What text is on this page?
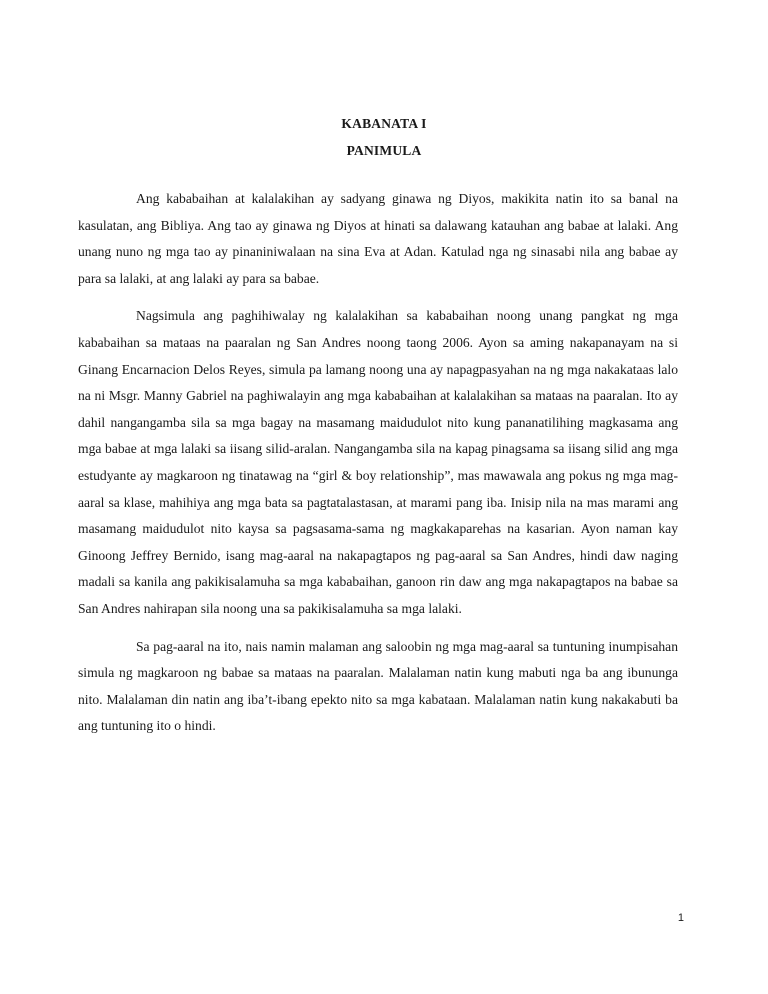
KABANATA I
PANIMULA

Ang kababaihan at kalalakihan ay sadyang ginawa ng Diyos, makikita natin ito sa banal na kasulatan, ang Bibliya. Ang tao ay ginawa ng Diyos at hinati sa dalawang katauhan ang babae at lalaki. Ang unang nuno ng mga tao ay pinaniniwalaan na sina Eva at Adan. Katulad nga ng sinasabi nila ang babae ay para sa lalaki, at ang lalaki ay para sa babae.

Nagsimula ang paghihiwalay ng kalalakihan sa kababaihan noong unang pangkat ng mga kababaihan sa mataas na paaralan ng San Andres noong taong 2006. Ayon sa aming nakapanayam na si Ginang Encarnacion Delos Reyes, simula pa lamang noong una ay napagpasyahan na ng mga nakakataas lalo na ni Msgr. Manny Gabriel na paghiwalayin ang mga kababaihan at kalalakihan sa mataas na paaralan. Ito ay dahil nangangamba sila sa mga bagay na masamang maidudulot nito kung pananatilihing magkasama ang mga babae at mga lalaki sa iisang silid-aralan. Nangangamba sila na kapag pinagsama sa iisang silid ang mga estudyante ay magkaroon ng tinatawag na “girl & boy relationship”, mas mawawala ang pokus ng mga mag-aaral sa klase, mahihiya ang mga bata sa pagtatalastasan, at marami pang iba. Inisip nila na mas marami ang masamang maidudulot nito kaysa sa pagsasama-sama ng magkakaparehas na kasarian. Ayon naman kay Ginoong Jeffrey Bernido, isang mag-aaral na nakapagtapos ng pag-aaral sa San Andres, hindi daw naging madali sa kanila ang pakikisalamuha sa mga kababaihan, ganoon rin daw ang mga nakapagtapos na babae sa San Andres nahirapan sila noong una sa pakikisalamuha sa mga lalaki.

Sa pag-aaral na ito, nais namin malaman ang saloobin ng mga mag-aaral sa tuntuning inumpisahan simula ng magkaroon ng babae sa mataas na paaralan. Malalaman natin kung mabuti nga ba ang ibununga nito. Malalaman din natin ang iba’t-ibang epekto nito sa mga kabataan. Malalaman natin kung nakakabuti ba ang tuntuning ito o hindi.

1
